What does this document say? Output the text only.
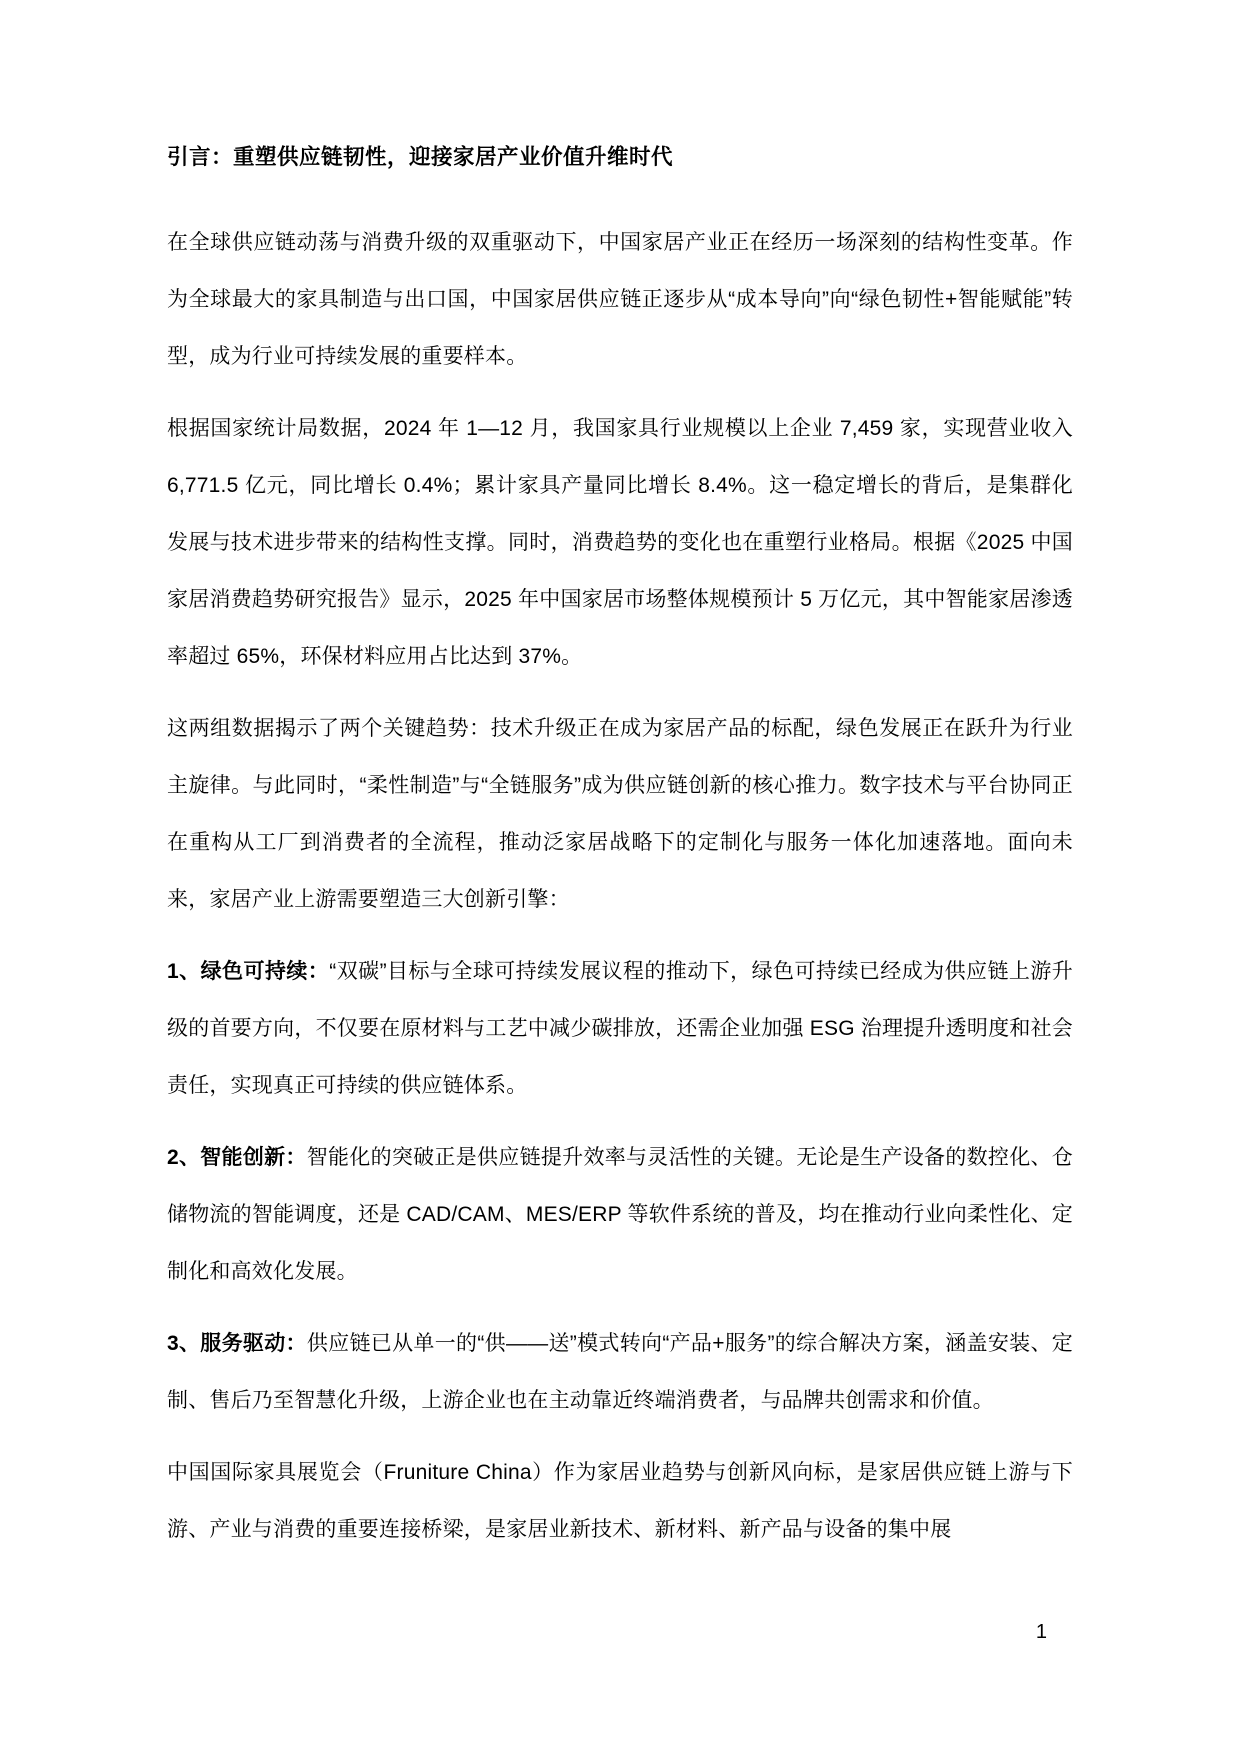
引言：重塑供应链韧性，迎接家居产业价值升维时代

在全球供应链动荡与消费升级的双重驱动下，中国家居产业正在经历一场深刻的结构性变革。作为全球最大的家具制造与出口国，中国家居供应链正逐步从“成本导向”向“绿色韧性+智能赋能”转型，成为行业可持续发展的重要样本。

根据国家统计局数据，2024 年 1—12 月，我国家具行业规模以上企业 7,459 家，实现营业收入 6,771.5 亿元，同比增长 0.4%；累计家具产量同比增长 8.4%。这一稳定增长的背后，是集群化发展与技术进步带来的结构性支撑。同时，消费趋势的变化也在重塑行业格局。根据《2025 中国家居消费趋势研究报告》显示，2025 年中国家居市场整体规模预计 5 万亿元，其中智能家居渗透率超过 65%，环保材料应用占比达到 37%。

这两组数据揭示了两个关键趋势：技术升级正在成为家居产品的标配，绿色发展正在跃升为行业主旋律。与此同时，“柔性制造”与“全链服务”成为供应链创新的核心推力。数字技术与平台协同正在重构从工厂到消费者的全流程，推动泛家居战略下的定制化与服务一体化加速落地。面向未来，家居产业上游需要塑造三大创新引擎：

1、绿色可持续：“双碳”目标与全球可持续发展议程的推动下，绿色可持续已经成为供应链上游升级的首要方向，不仅要在原材料与工艺中减少碳排放，还需企业加强 ESG 治理提升透明度和社会责任，实现真正可持续的供应链体系。

2、智能创新：智能化的突破正是供应链提升效率与灵活性的关键。无论是生产设备的数控化、仓储物流的智能调度，还是 CAD/CAM、MES/ERP 等软件系统的普及，均在推动行业向柔性化、定制化和高效化发展。

3、服务驱动：供应链已从单一的“供——送”模式转向“产品+服务”的综合解决方案，涵盖安装、定制、售后乃至智慧化升级，上游企业也在主动靠近终端消费者，与品牌共创需求和价值。

中国国际家具展览会（Fruniture China）作为家居业趋势与创新风向标，是家居供应链上游与下游、产业与消费的重要连接桥梁，是家居业新技术、新材料、新产品与设备的集中展

1
